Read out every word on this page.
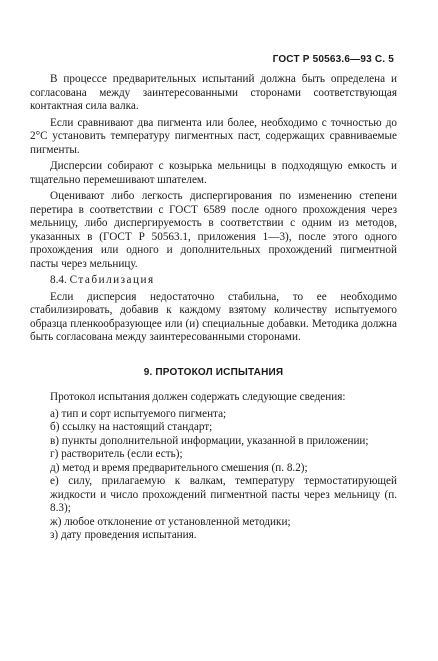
ГОСТ Р 50563.6—93 С. 5

В процессе предварительных испытаний должна быть определена и согласована между заинтересованными сторонами соответствующая контактная сила валка.

Если сравнивают два пигмента или более, необходимо с точностью до 2°С установить температуру пигментных паст, содержащих сравниваемые пигменты.

Дисперсии собирают с козырька мельницы в подходящую емкость и тщательно перемешивают шпателем.

Оценивают либо легкость диспергирования по изменению степени перетира в соответствии с ГОСТ 6589 после одного прохождения через мельницу, либо диспергируемость в соответствии с одним из методов, указанных в (ГОСТ Р 50563.1, приложения 1—3), после этого одного прохождения или одного и дополнительных прохождений пигментной пасты через мельницу.

8.4. Стабилизация

Если дисперсия недостаточно стабильна, то ее необходимо стабилизировать, добавив к каждому взятому количеству испытуемого образца пленкообразующее или (и) специальные добавки. Методика должна быть согласована между заинтересованными сторонами.

9. ПРОТОКОЛ ИСПЫТАНИЯ

Протокол испытания должен содержать следующие сведения:

а) тип и сорт испытуемого пигмента;
б) ссылку на настоящий стандарт;
в) пункты дополнительной информации, указанной в приложении;
г) растворитель (если есть);
д) метод и время предварительного смешения (п. 8.2);
е) силу, прилагаемую к валкам, температуру термостатирующей жидкости и число прохождений пигментной пасты через мельницу (п. 8.3);
ж) любое отклонение от установленной методики;
з) дату проведения испытания.
